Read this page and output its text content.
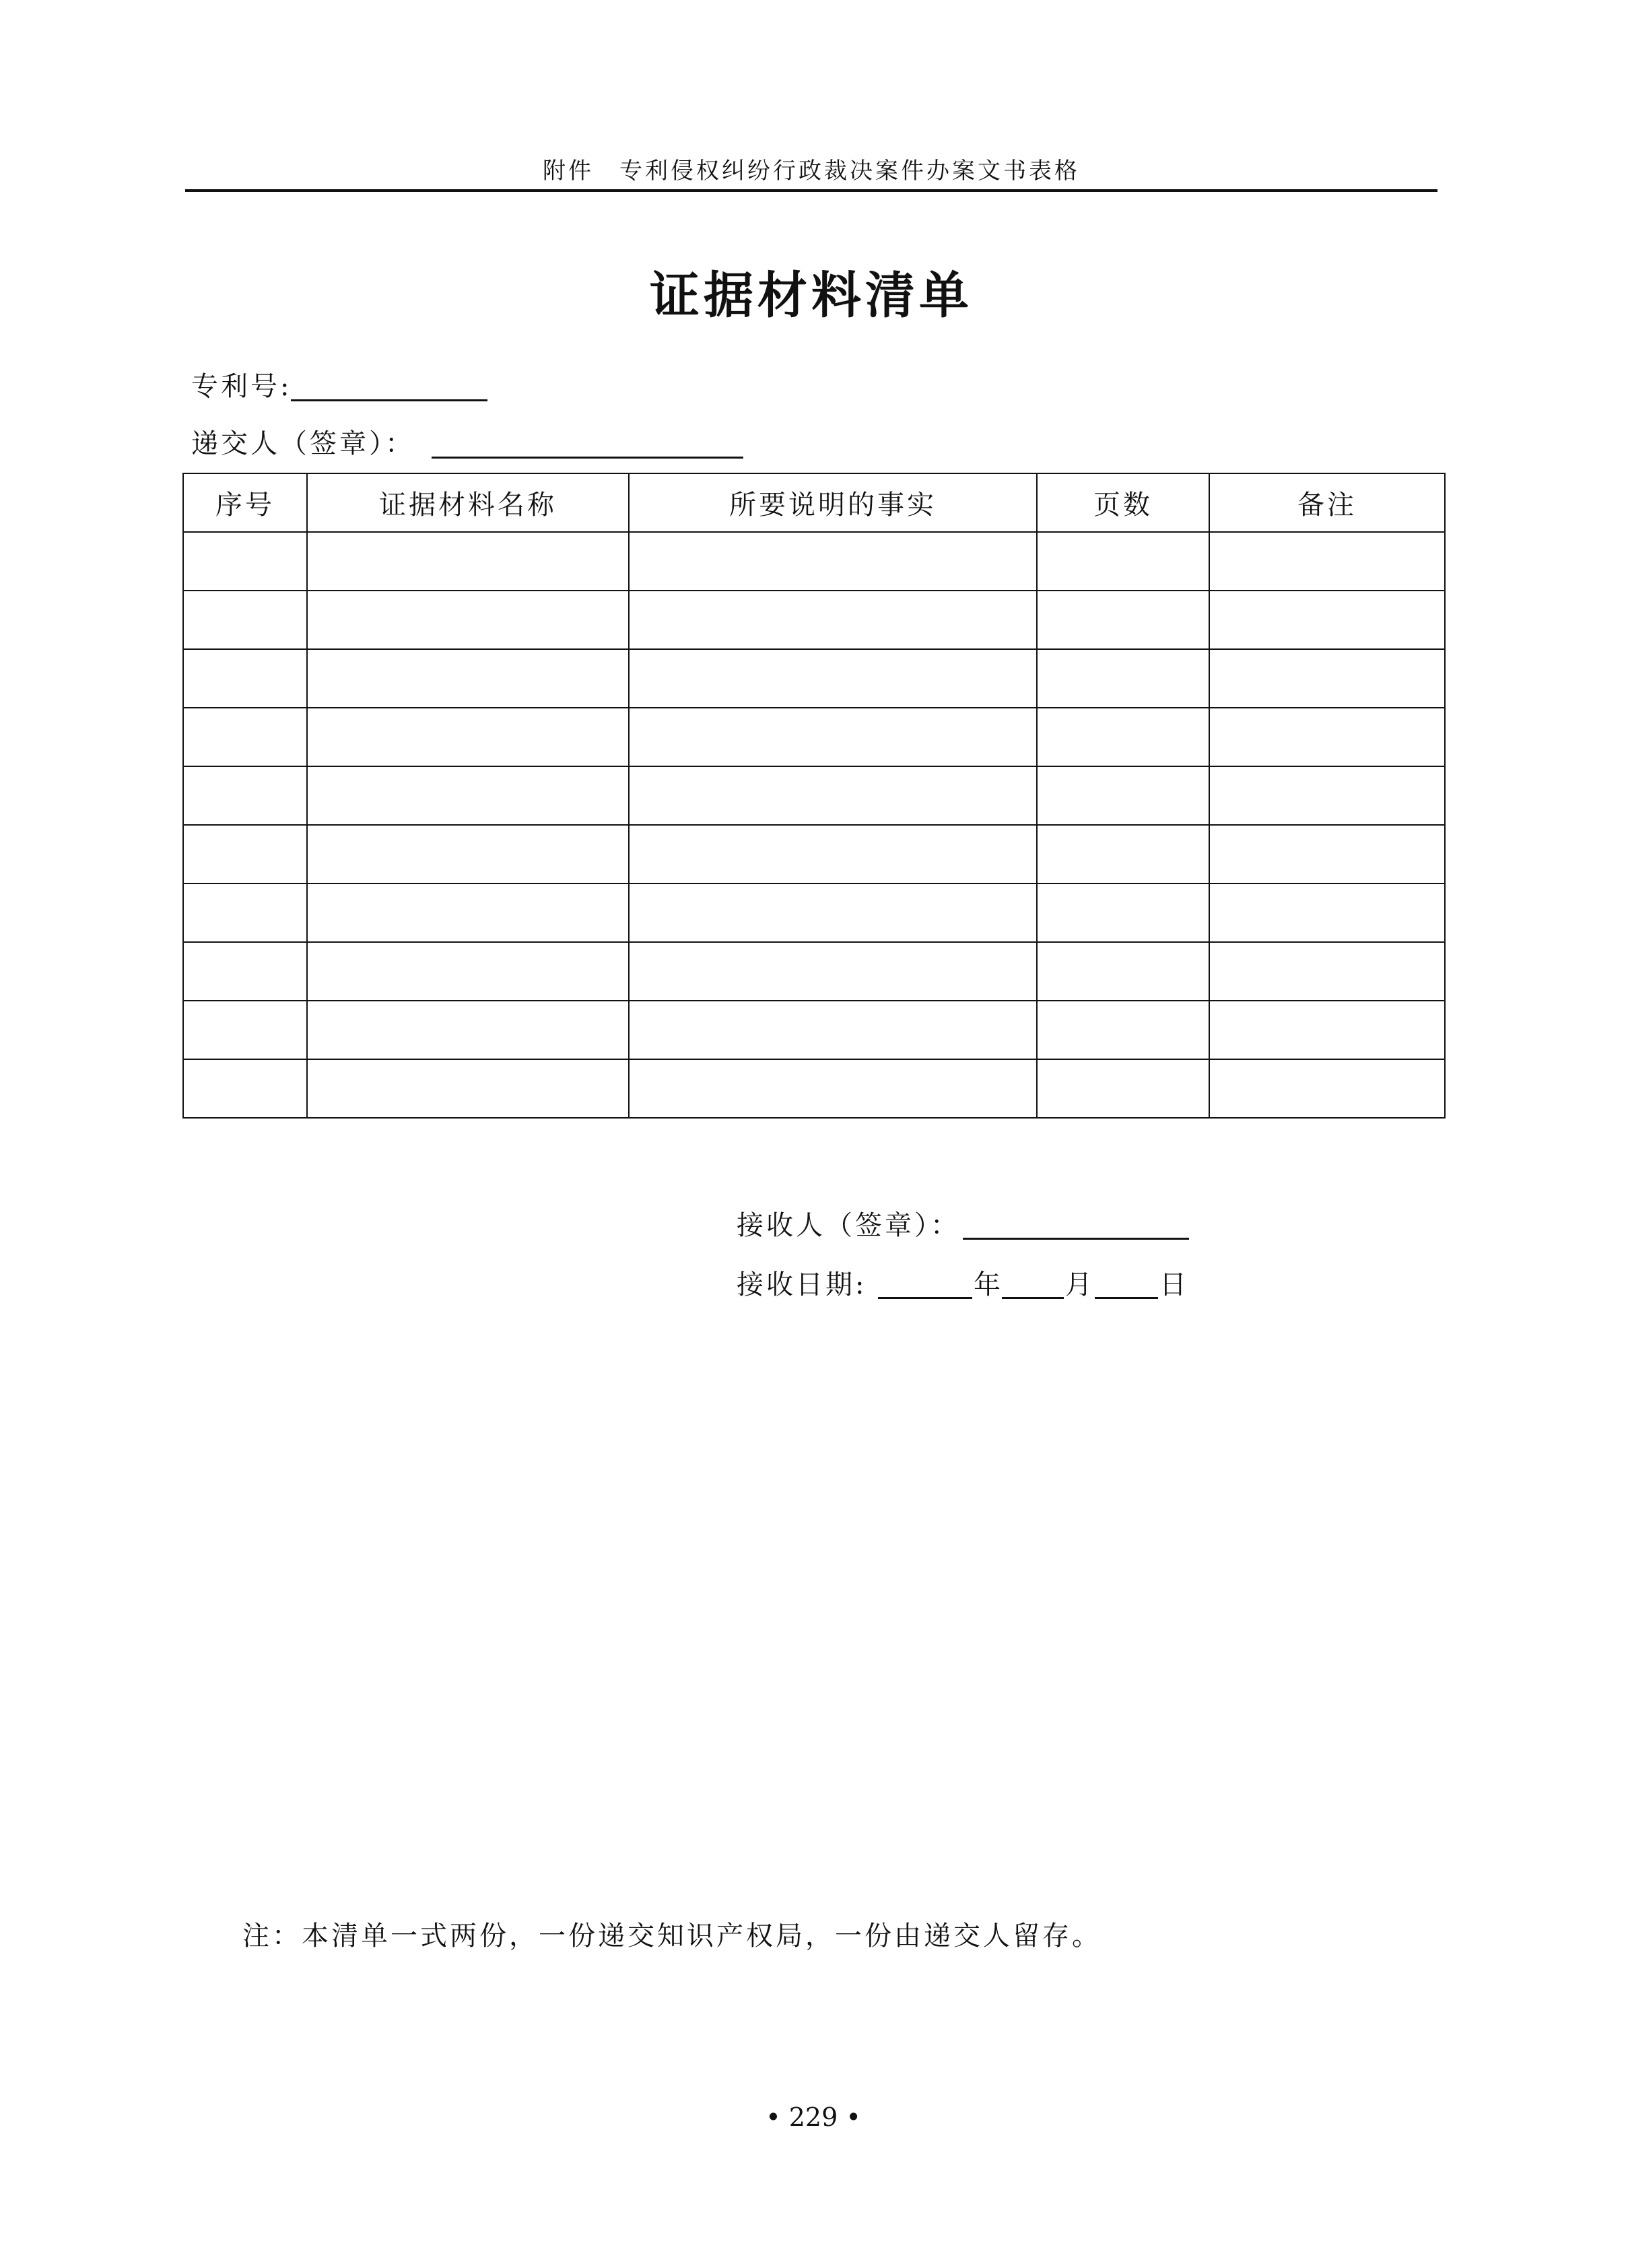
附件　专利侵权纠纷行政裁决案件办案文书表格
证据材料清单
专利号:
递交人（签章）：
序号	证据材料名称	所要说明的事实	页数	备注

接收人（签章）：
接收日期:	年 月 日
注：本清单一式两份，一份递交知识产权局，一份由递交人留存。
• 229 •
